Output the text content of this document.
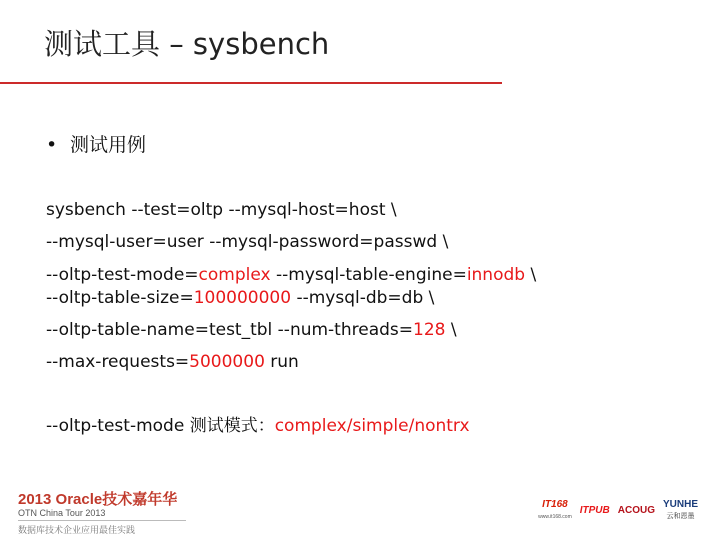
测试工具 – sysbench
• 测试用例
sysbench --test=oltp --mysql-host=host \
--mysql-user=user --mysql-password=passwd \
--oltp-test-mode=complex --mysql-table-engine=innodb \
--oltp-table-size=100000000 --mysql-db=db \
--oltp-table-name=test_tbl --num-threads=128 \
--max-requests=5000000 run
--oltp-test-mode 测试模式：complex/simple/nontrx
2013 Oracle技术嘉年华
OTN China Tour 2013
数据库技术企业应用最佳实践
IT168
www.it168.com
ITPUB ACOUG
YUNHE
云和恩墨
